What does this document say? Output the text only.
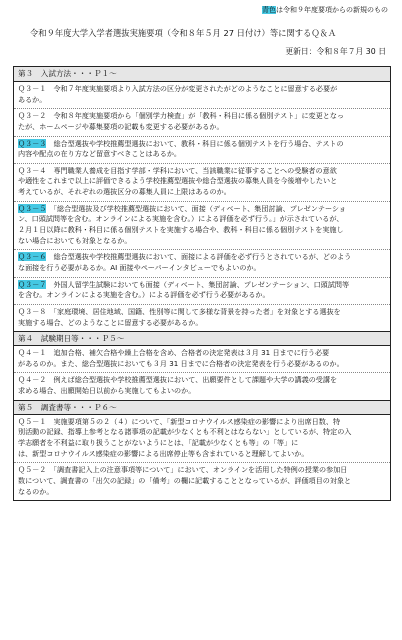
青色は令和９年度要項からの新規のもの
令和９年度大学入学者選抜実施要項（令和８年５月 27 日付け）等に関するＱ＆Ａ
更新日：令和８年７月 30 日
第３　入試方法・・・Ｐ１～
Ｑ３－１　令和７年度実施要項より入試方法の区分が変更されたがどのようなことに留意する必要が
あるか。
Ｑ３－２　令和８年度実施要項から「個別学力検査」が「教科・科目に係る個別テスト」に変更となっ
たが、ホームページや募集要項の記載も変更する必要があるか。
Ｑ３－３　総合型選抜や学校推薦型選抜において、教科・科目に係る個別テストを行う場合、テストの
内容や配点の在り方など留意すべきことはあるか。
Ｑ３－４　専門職業人養成を目指す学部・学科において、当該職業に従事することへの受験者の意欲
や適性をこれまで以上に評価できるよう学校推薦型選抜や総合型選抜の募集人員を今後増やしたいと
考えているが、それぞれの選抜区分の募集人員に上限はあるのか。
Ｑ３－５　「総合型選抜及び学校推薦型選抜において、面接（ディベート、集団討論、プレゼンテーショ
ン、口頭試問等を含む。オンラインによる実施を含む。）による評価を必ず行う。」が示されているが、
２月１日以降に教科・科目に係る個別テストを実施する場合や、教科・科目に係る個別テストを実施し
ない場合においても対象となるか。
Ｑ３－６　総合型選抜や学校推薦型選抜において、面接による評価を必ず行うとされているが、どのよう
な面接を行う必要があるか。AI 面接やペーパーインタビューでもよいのか。
Ｑ３－７　外国人留学生試験においても面接（ディベート、集団討論、プレゼンテーション、口頭試問等
を含む。オンラインによる実施を含む。）による評価を必ず行う必要があるか。
Ｑ３－８　「家庭環境、居住地域、国籍、性別等に関して多様な背景を持った者」を対象とする選抜を
実施する場合、どのようなことに留意する必要があるか。
第４　試験期日等・・・Ｐ５～
Ｑ４－１　追加合格、補欠合格や繰上合格を含め、合格者の決定発表は３月 31 日までに行う必要
があるのか。また、総合型選抜においても３月 31 日までに合格者の決定発表を行う必要があるのか。
Ｑ４－２　例えば総合型選抜や学校推薦型選抜において、出願要件として課題や大学の講義の受講を
求める場合、出願開始日以前から実施してもよいのか。
第５　調査書等・・・Ｐ６～
Ｑ５－１　実施要項第５の２（４）について、「新型コロナウイルス感染症の影響により出席日数、特
別活動の記録、指導上参考となる諸事項の記載が少なくとも不利とはならない」としているが、特定の入
学志願者を不利益に取り扱うことがないようにとは、「記載が少なくとも等」の「等」に
は、新型コロナウイルス感染症の影響による出席停止等も含まれていると理解してよいか。
Ｑ５－２　「調査書記入上の注意事項等について」において、オンラインを活用した特例の授業の参加日
数について、調査書の「出欠の記録」の「備考」の欄に記載することとなっているが、評価項目の対象と
なるのか。
